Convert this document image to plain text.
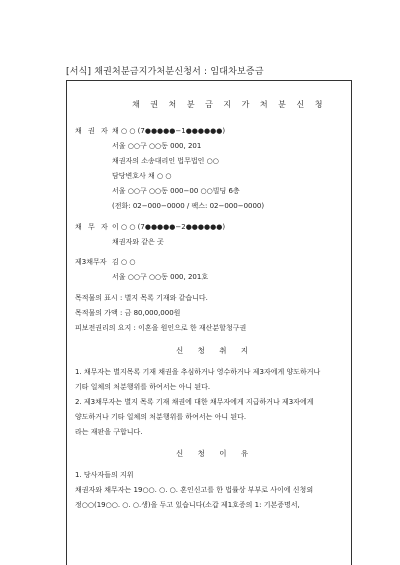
[서식] 채권처분금지가처분신청서 : 임대차보증금
채 권 처 분 금 지 가 처 분 신 청
채 권 자 채 ○ ○ (7●●●●●−1●●●●●●)
서울 ○○구 ○○동 000, 201
채권자의 소송대리인 법무법인 ○○
담당변호사 채 ○ ○
서울 ○○구 ○○동 000−00 ○○빌딩 6층
(전화: 02−000−0000 / 팩스: 02−000−0000)
채 무 자 이 ○ ○ (7●●●●●−2●●●●●●)
채권자와 같은 곳
제3채무자 김 ○ ○
서울 ○○구 ○○동 000, 201호
목적물의 표시 : 별지 목록 기재와 같습니다.
목적물의 가액 : 금 80,000,000원
피보전권리의 요지 : 이혼을 원인으로 한 재산분할청구권
신 청 취 지
1. 채무자는 별지목록 기재 채권을 추심하거나 영수하거나 제3자에게 양도하거나
기타 일체의 처분행위를 하여서는 아니 된다.
2. 제3채무자는 별지 목록 기재 채권에 대한 채무자에게 지급하거나 제3자에게
양도하거나 기타 일체의 처분행위를 하여서는 아니 된다.
라는 재판을 구합니다.
신 청 이 유
1. 당사자들의 지위
채권자와 채무자는 19○○. ○. ○. 혼인신고를 한 법률상 부부로 사이에 신청외
정○○(19○○. ○. ○.생)을 두고 있습니다(소갑 제1호증의 1: 기본증명서,
